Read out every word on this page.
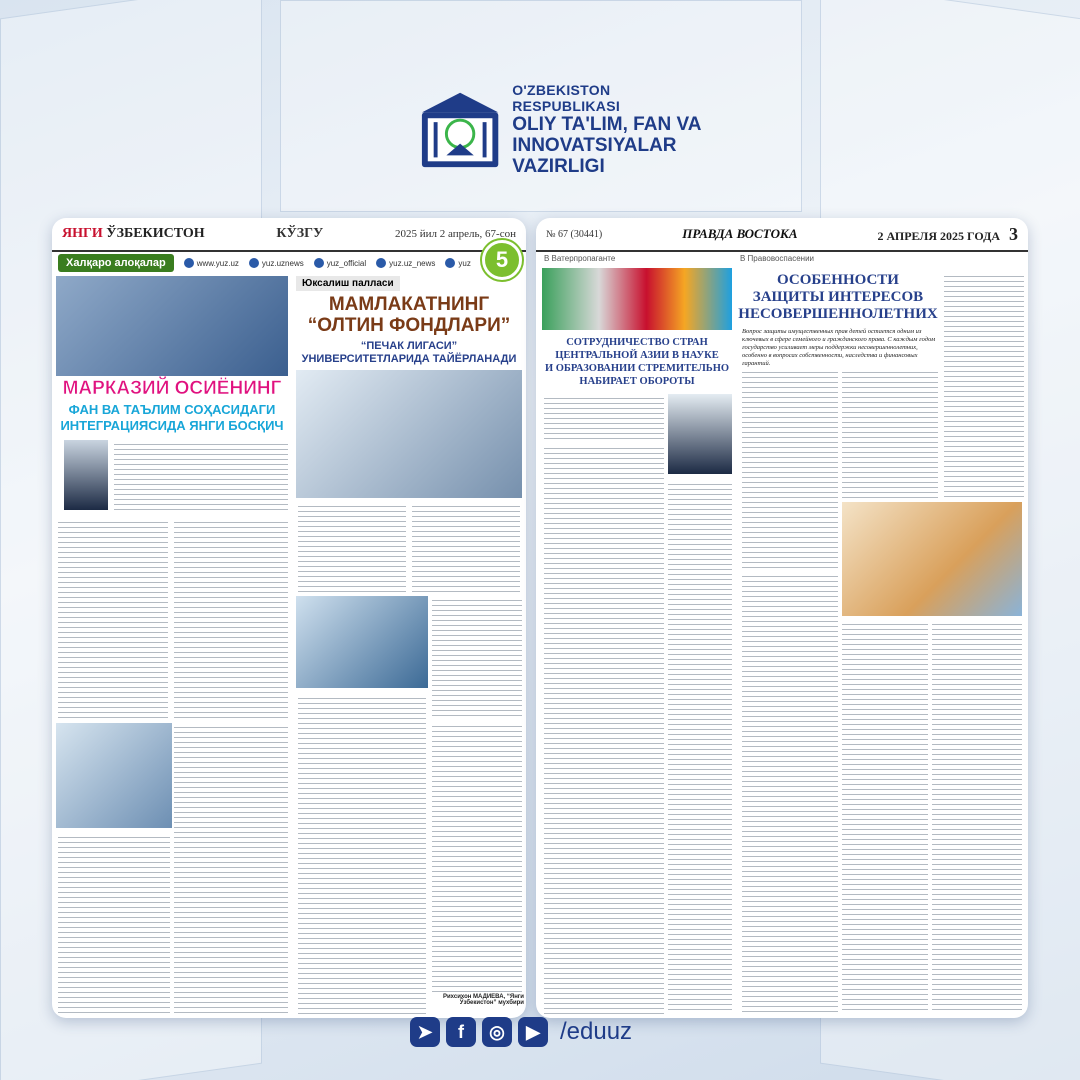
O'ZBEKISTON RESPUBLIKASI
OLIY TA'LIM, FAN VA
INNOVATSIYALAR
VAZIRLIGI
ЯНГИ ЎЗБЕКИСТОН	КЎЗГУ	2025 йил 2 апрель, 67-сон
5
Халқаро алоқалар	www.yuz.uz	yuz.uznews	yuz_official	yuz.uz_news	yuz
МАРКАЗИЙ ОСИЁНИНГ
ФАН ВА ТАЪЛИМ СОҲАСИДАГИ
ИНТЕГРАЦИЯСИДА ЯНГИ БОСҚИЧ
Юксалиш палласи
МАМЛАКАТНИНГ
“ОЛТИН ФОНДЛАРИ”
“ПЕЧАК ЛИГАСИ”
УНИВЕРСИТЕТЛАРИДА ТАЙЁРЛАНАДИ
Рихсихон МАДИЕВА, “Янги Ўзбекистон” мухбири
№ 67 (30441)	ПРАВДА ВОСТОКА	2 АПРЕЛЯ 2025 ГОДА 3
В Ватерпропаганте	В Правовоспасении
СОТРУДНИЧЕСТВО СТРАН
ЦЕНТРАЛЬНОЙ АЗИИ В НАУКЕ
И ОБРАЗОВАНИИ СТРЕМИТЕЛЬНО
НАБИРАЕТ ОБОРОТЫ
ОСОБЕННОСТИ
ЗАЩИТЫ ИНТЕРЕСОВ
НЕСОВЕРШЕННОЛЕТНИХ
Вопрос защиты имущественных прав детей остается одним из ключевых в сфере семейного и гражданского права. С каждым годом государство усиливает меры поддержки несовершеннолетних, особенно в вопросах собственности, наследства и финансовых гарантий.
➤	f	◎	▶ /eduuz
